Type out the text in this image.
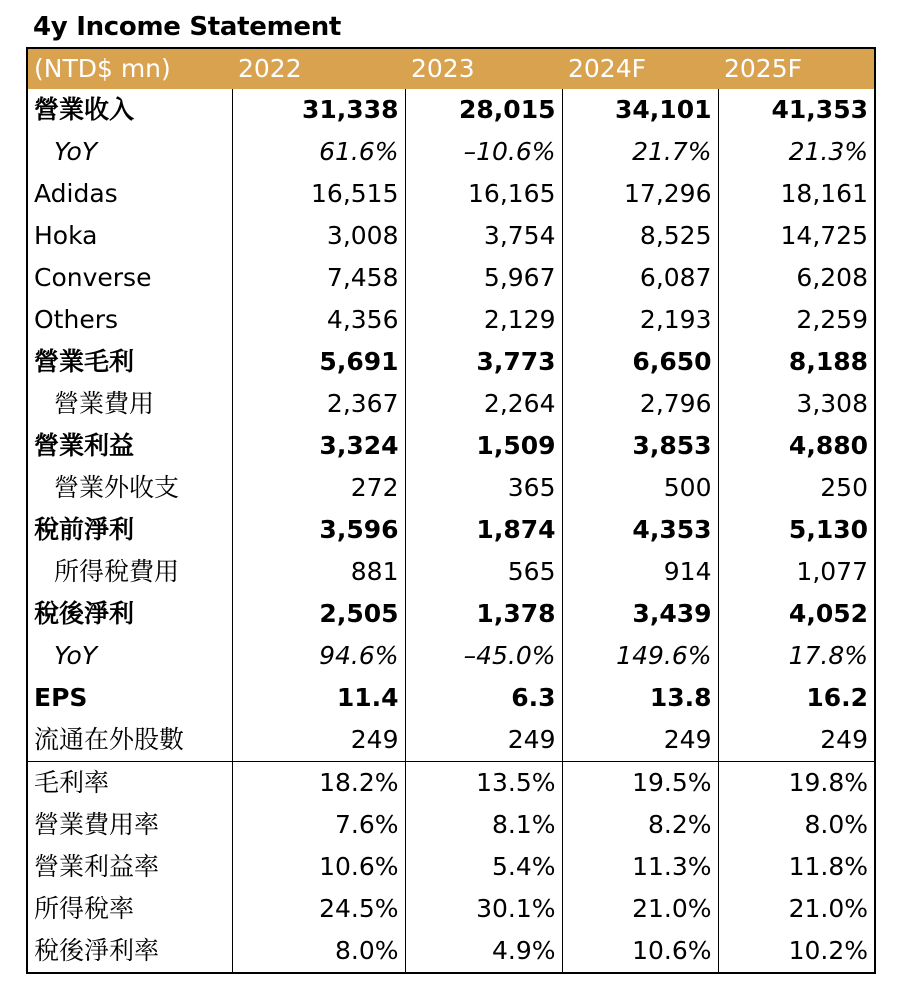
4y Income Statement
(NTD$ mn)	2022	2023	2024F	2025F
營業收入	31,338	28,015	34,101	41,353
YoY	61.6%	–10.6%	21.7%	21.3%
Adidas	16,515	16,165	17,296	18,161
Hoka	3,008	3,754	8,525	14,725
Converse	7,458	5,967	6,087	6,208
Others	4,356	2,129	2,193	2,259
營業毛利	5,691	3,773	6,650	8,188
營業費用	2,367	2,264	2,796	3,308
營業利益	3,324	1,509	3,853	4,880
營業外收支	272	365	500	250
稅前淨利	3,596	1,874	4,353	5,130
所得稅費用	881	565	914	1,077
稅後淨利	2,505	1,378	3,439	4,052
YoY	94.6%	–45.0%	149.6%	17.8%
EPS	11.4	6.3	13.8	16.2
流通在外股數	249	249	249	249
毛利率	18.2%	13.5%	19.5%	19.8%
營業費用率	7.6%	8.1%	8.2%	8.0%
營業利益率	10.6%	5.4%	11.3%	11.8%
所得稅率	24.5%	30.1%	21.0%	21.0%
稅後淨利率	8.0%	4.9%	10.6%	10.2%
